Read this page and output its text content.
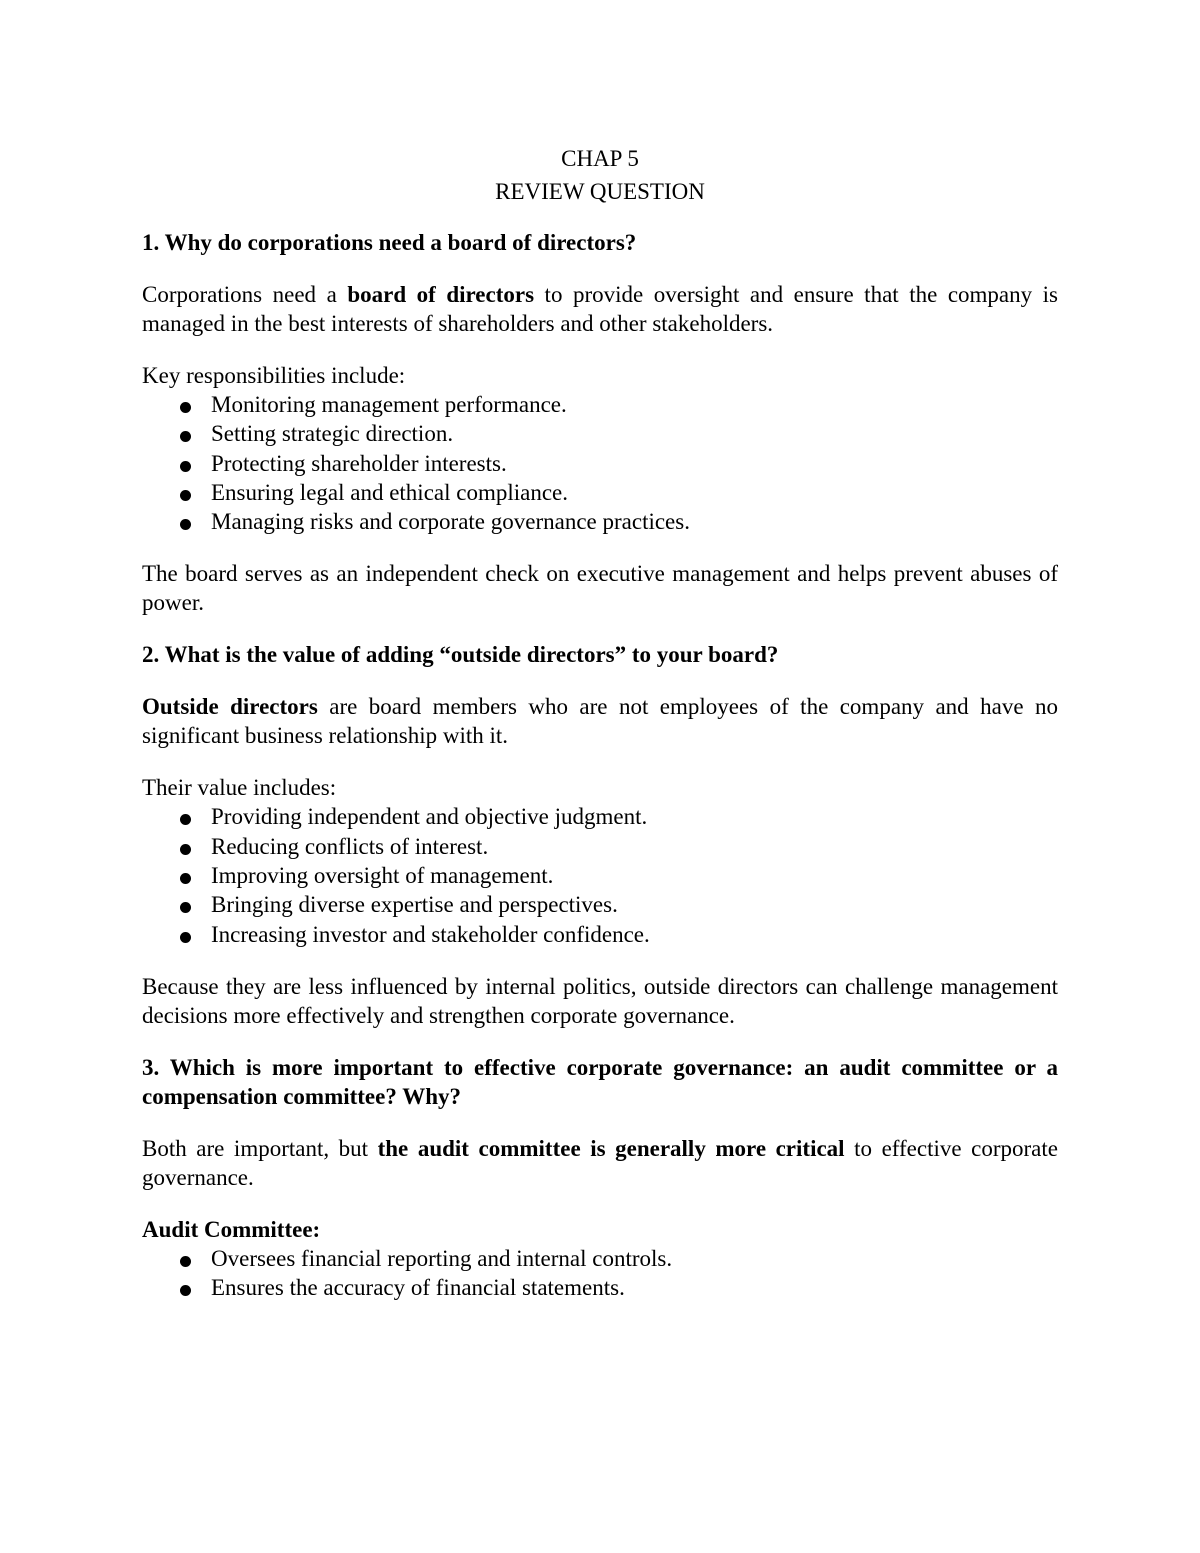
CHAP 5

REVIEW QUESTION

1. Why do corporations need a board of directors?

Corporations need a board of directors to provide oversight and ensure that the company is managed in the best interests of shareholders and other stakeholders.

Key responsibilities include:

Monitoring management performance.
Setting strategic direction.
Protecting shareholder interests.
Ensuring legal and ethical compliance.
Managing risks and corporate governance practices.

The board serves as an independent check on executive management and helps prevent abuses of power.

2. What is the value of adding “outside directors” to your board?

Outside directors are board members who are not employees of the company and have no significant business relationship with it.

Their value includes:

Providing independent and objective judgment.
Reducing conflicts of interest.
Improving oversight of management.
Bringing diverse expertise and perspectives.
Increasing investor and stakeholder confidence.

Because they are less influenced by internal politics, outside directors can challenge management decisions more effectively and strengthen corporate governance.

3. Which is more important to effective corporate governance: an audit committee or a compensation committee? Why?

Both are important, but the audit committee is generally more critical to effective corporate governance.

Audit Committee:

Oversees financial reporting and internal controls.
Ensures the accuracy of financial statements.
